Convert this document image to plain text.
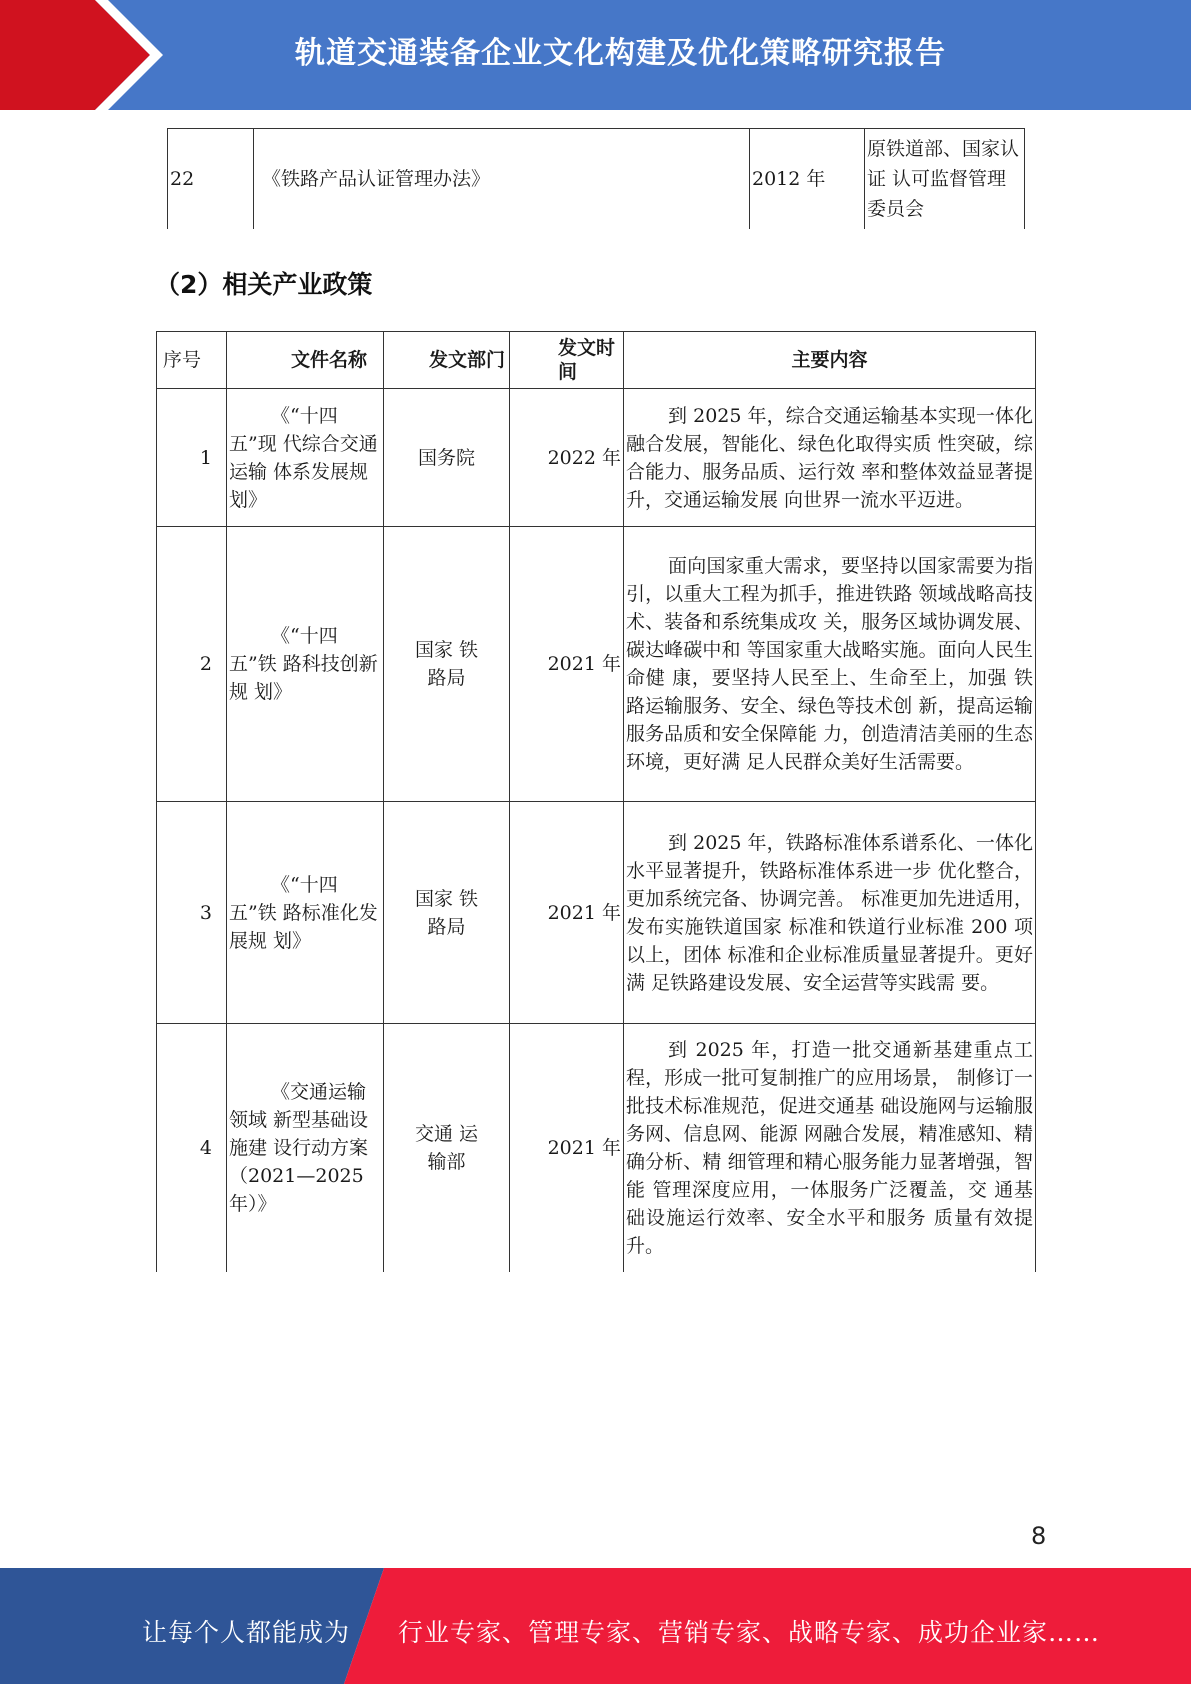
轨道交通装备企业文化构建及优化策略研究报告
22	《铁路产品认证管理办法》	2012 年	原铁道部、国家认证 认可监督管理委员会
（2）相关产业政策
序号	文件名称	发文部门	发文时间	主要内容
1	《“十四五”现 代综合交通运输 体系发展规划》	国务院	2022 年	到 2025 年，综合交通运输基本实现一体化融合发展，智能化、绿色化取得实质 性突破，综合能力、服务品质、运行效 率和整体效益显著提升，交通运输发展 向世界一流水平迈进。
2	《“十四五”铁 路科技创新规 划》	国家 铁路局	2021 年	面向国家重大需求，要坚持以国家需要为指引，以重大工程为抓手，推进铁路 领域战略高技术、装备和系统集成攻 关，服务区域协调发展、碳达峰碳中和 等国家重大战略实施。面向人民生命健 康，要坚持人民至上、生命至上，加强 铁路运输服务、安全、绿色等技术创 新，提高运输服务品质和安全保障能 力，创造清洁美丽的生态环境，更好满 足人民群众美好生活需要。
3	《“十四五”铁 路标准化发展规 划》	国家 铁路局	2021 年	到 2025 年，铁路标准体系谱系化、一体化水平显著提升，铁路标准体系进一步 优化整合，更加系统完备、协调完善。 标准更加先进适用，发布实施铁道国家 标准和铁道行业标准 200 项以上，团体 标准和企业标准质量显著提升。更好满 足铁路建设发展、安全运营等实践需 要。
4	《交通运输领域 新型基础设施建 设行动方案（2021—2025 年）》	交通 运输部	2021 年	到 2025 年，打造一批交通新基建重点工程，形成一批可复制推广的应用场景， 制修订一批技术标准规范，促进交通基 础设施网与运输服务网、信息网、能源 网融合发展，精准感知、精确分析、精 细管理和精心服务能力显著增强，智能 管理深度应用，一体服务广泛覆盖，交 通基础设施运行效率、安全水平和服务 质量有效提升。
8
让每个人都能成为 行业专家、管理专家、营销专家、战略专家、成功企业家……
